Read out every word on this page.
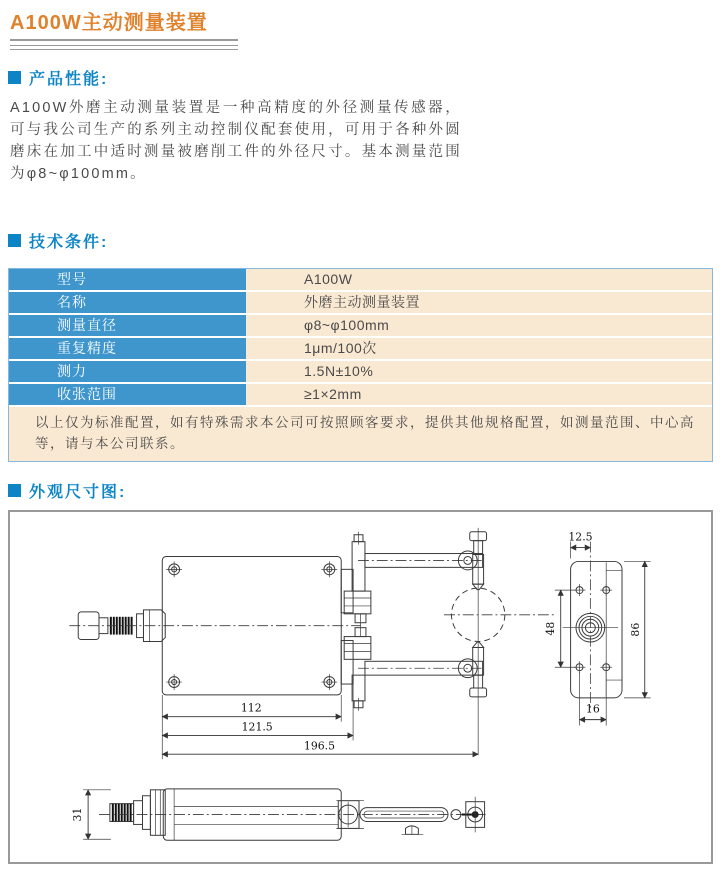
A100W主动测量装置
产品性能:
A100W外磨主动测量装置是一种高精度的外径测量传感器，可与我公司生产的系列主动控制仪配套使用，可用于各种外圆磨床在加工中适时测量被磨削工件的外径尺寸。基本测量范围为φ8~φ100mm。
技术条件:
型号	A100W
名称	外磨主动测量装置
测量直径	φ8~φ100mm
重复精度	1μm/100次
测力	1.5N±10%
收张范围	≥1×2mm
以上仅为标准配置，如有特殊需求本公司可按照顾客要求，提供其他规格配置，如测量范围、中心高等，请与本公司联系。
外观尺寸图:
112
121.5
196.5
12.5
48	86
16
31
